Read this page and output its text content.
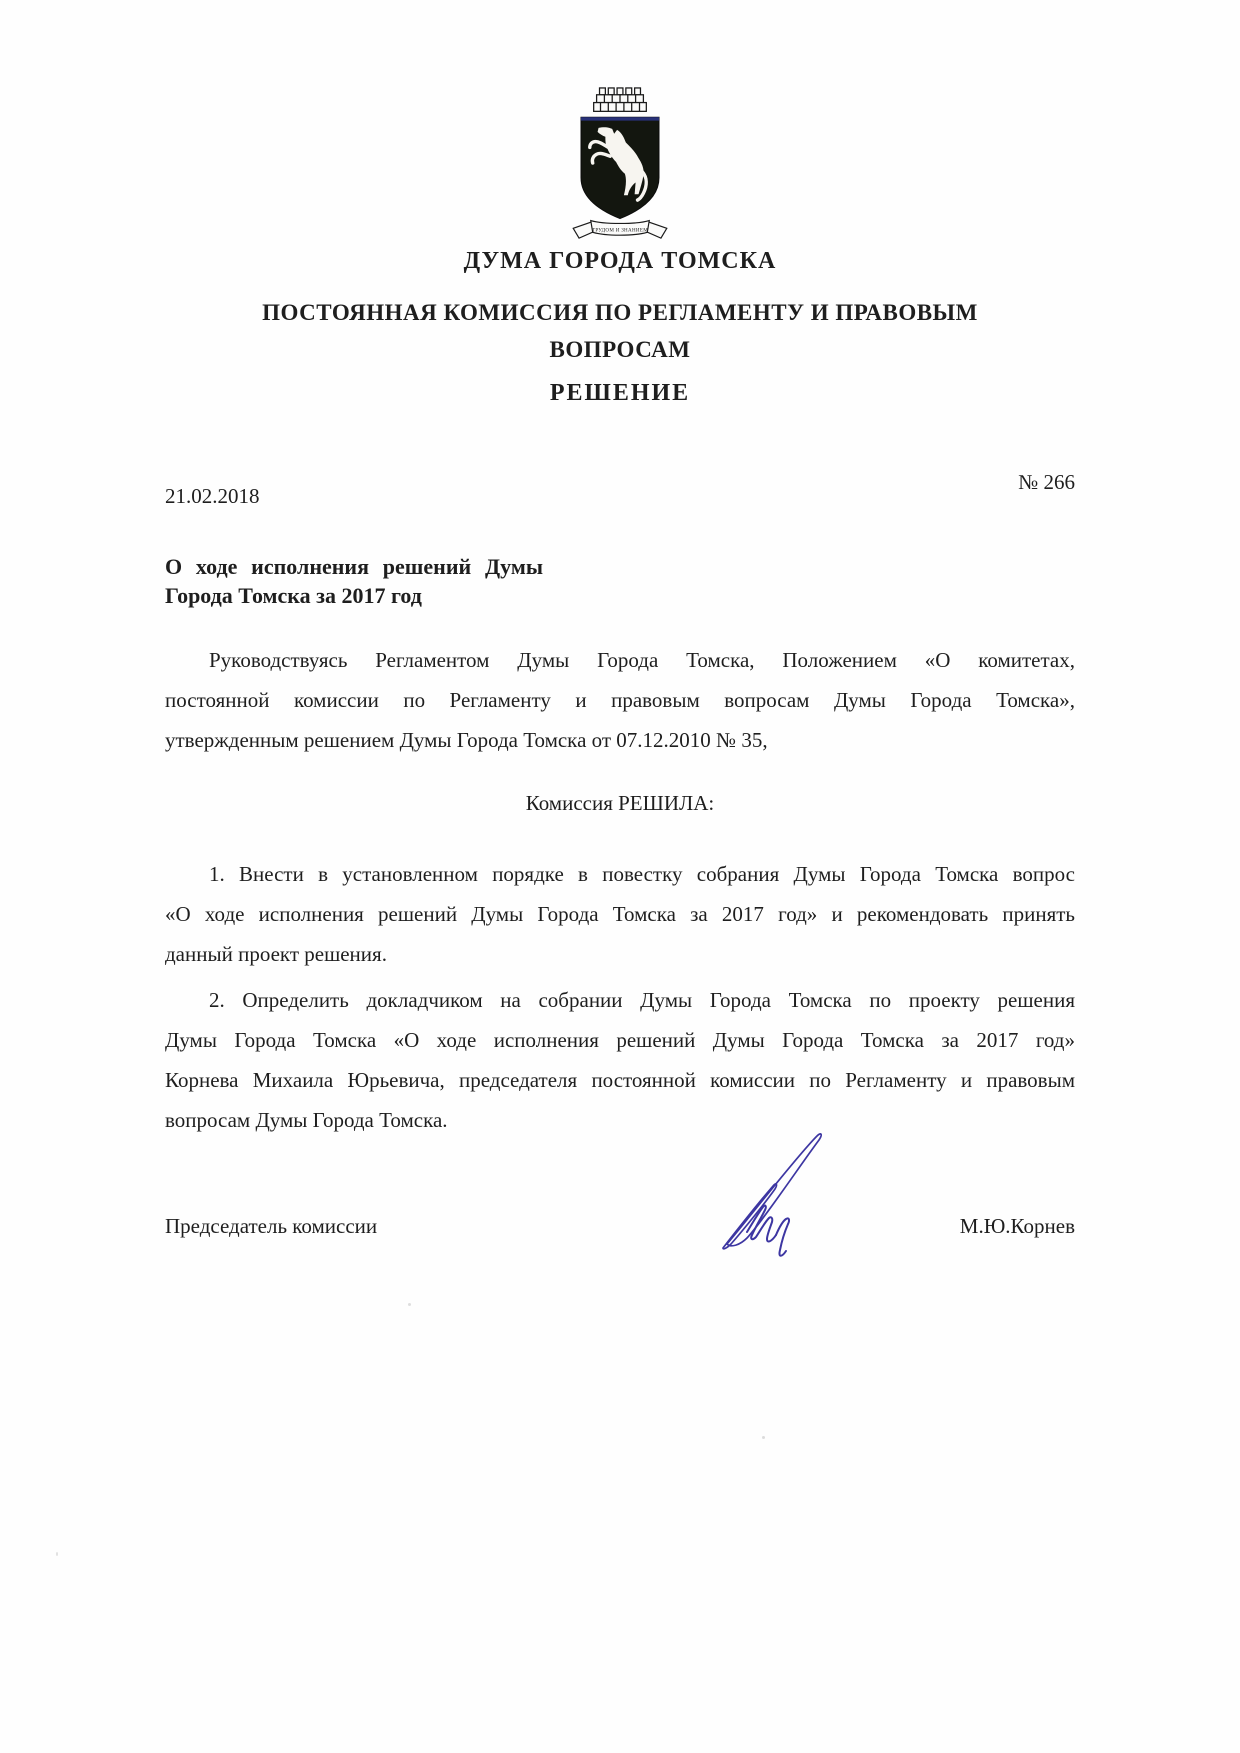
ТРУДОМ И ЗНАНИЕМ
ДУМА ГОРОДА ТОМСКА
ПОСТОЯННАЯ КОМИССИЯ ПО РЕГЛАМЕНТУ И ПРАВОВЫМ
ВОПРОСАМ
РЕШЕНИЕ
№ 266
21.02.2018
О ходе исполнения решений Думы
Города Томска за 2017 год
Руководствуясь Регламентом Думы Города Томска, Положением «О комитетах,
постоянной комиссии по Регламенту и правовым вопросам Думы Города Томска»,
утвержденным решением Думы Города Томска от 07.12.2010 № 35,
Комиссия РЕШИЛА:
1. Внести в установленном порядке в повестку собрания Думы Города Томска вопрос
«О ходе исполнения решений Думы Города Томска за 2017 год» и рекомендовать принять
данный проект решения.
2. Определить докладчиком на собрании Думы Города Томска по проекту решения
Думы Города Томска «О ходе исполнения решений Думы Города Томска за 2017 год»
Корнева Михаила Юрьевича, председателя постоянной комиссии по Регламенту и правовым
вопросам Думы Города Томска.
Председатель комиссии	М.Ю.Корнев
